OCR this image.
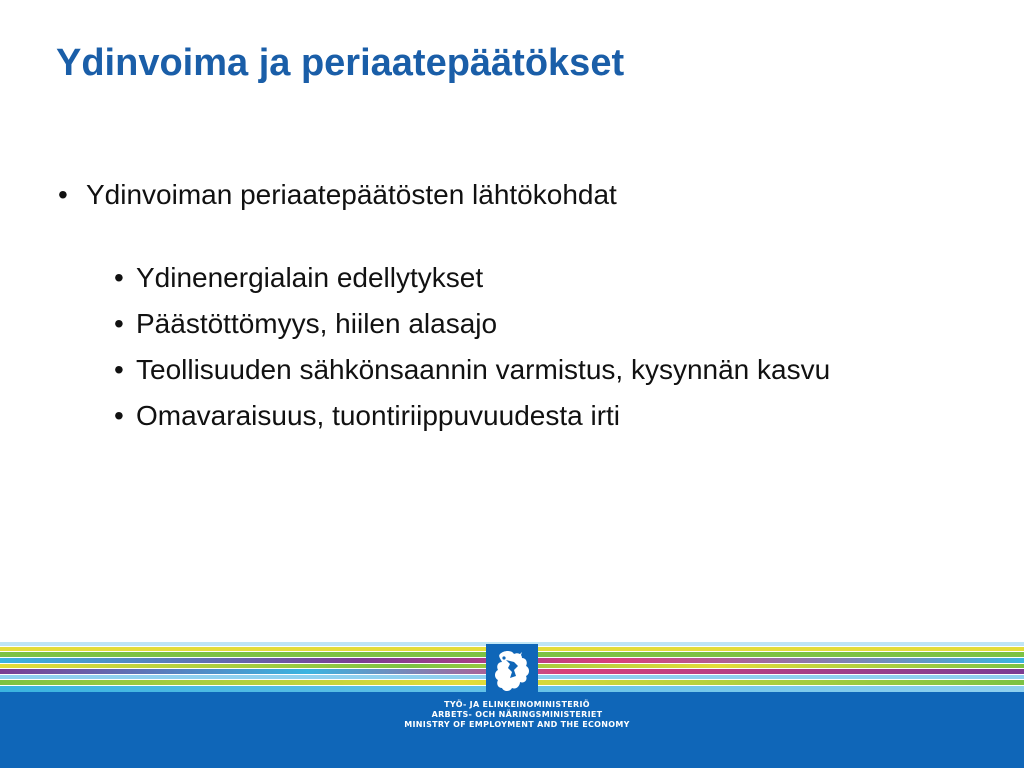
Ydinvoima ja periaatepäätökset

• Ydinvoiman periaatepäätösten lähtökohdat

• Ydinenergialain edellytykset
• Päästöttömyys, hiilen alasajo
• Teollisuuden sähkönsaannin varmistus, kysynnän kasvu
• Omavaraisuus, tuontiriippuvuudesta irti
TYÖ- JA ELINKEINOMINISTERIÖ
ARBETS- OCH NÄRINGSMINISTERIET
MINISTRY OF EMPLOYMENT AND THE ECONOMY
